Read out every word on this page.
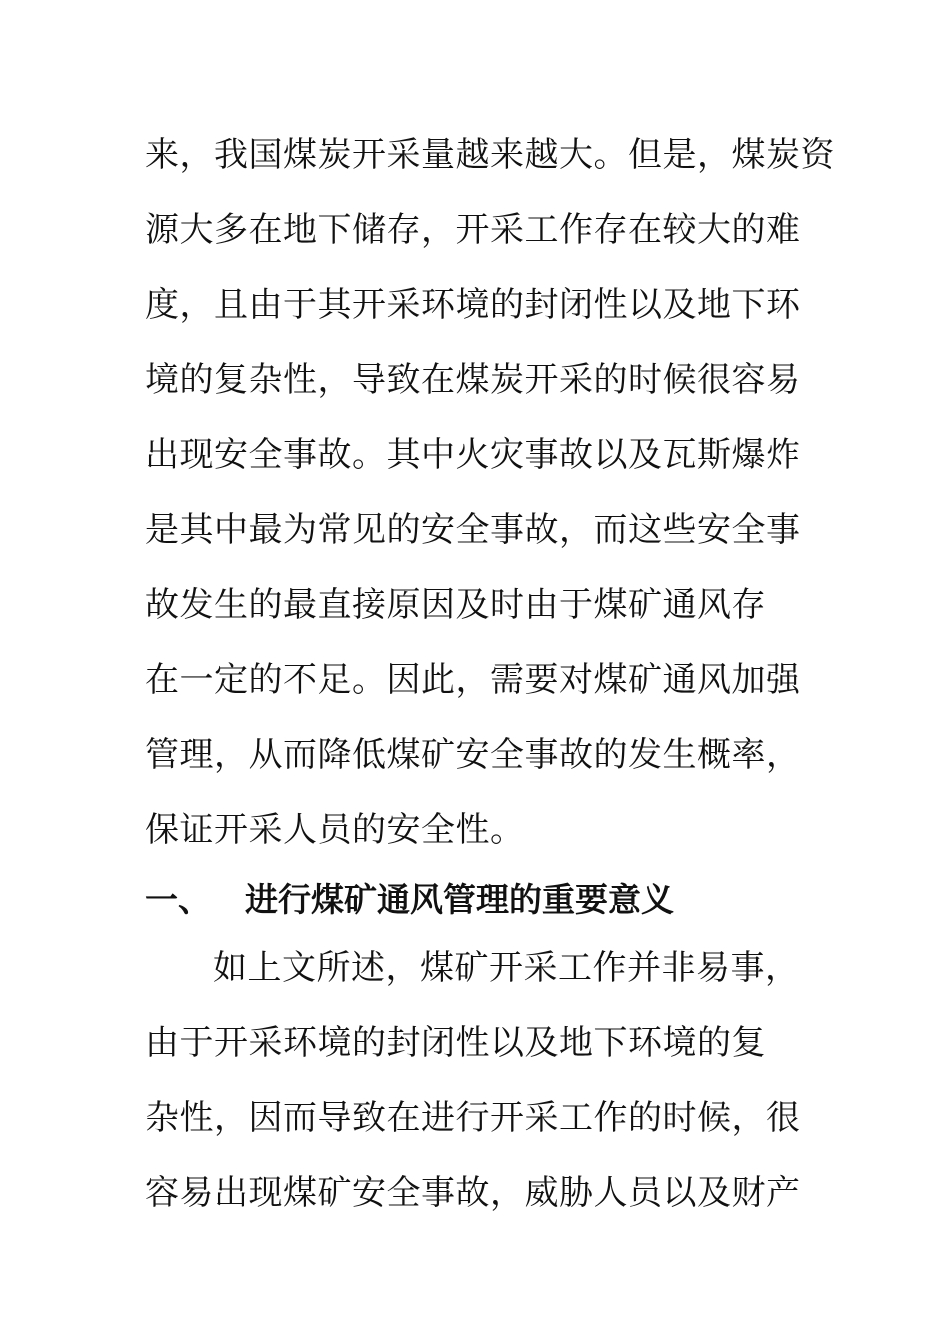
来，我国煤炭开采量越来越大。但是，煤炭资
源大多在地下储存，开采工作存在较大的难
度，且由于其开采环境的封闭性以及地下环
境的复杂性，导致在煤炭开采的时候很容易
出现安全事故。其中火灾事故以及瓦斯爆炸
是其中最为常见的安全事故，而这些安全事
故发生的最直接原因及时由于煤矿通风存
在一定的不足。因此，需要对煤矿通风加强
管理，从而降低煤矿安全事故的发生概率，
保证开采人员的安全性。
一、 进行煤矿通风管理的重要意义
如上文所述，煤矿开采工作并非易事，
由于开采环境的封闭性以及地下环境的复
杂性，因而导致在进行开采工作的时候，很
容易出现煤矿安全事故，威胁人员以及财产
